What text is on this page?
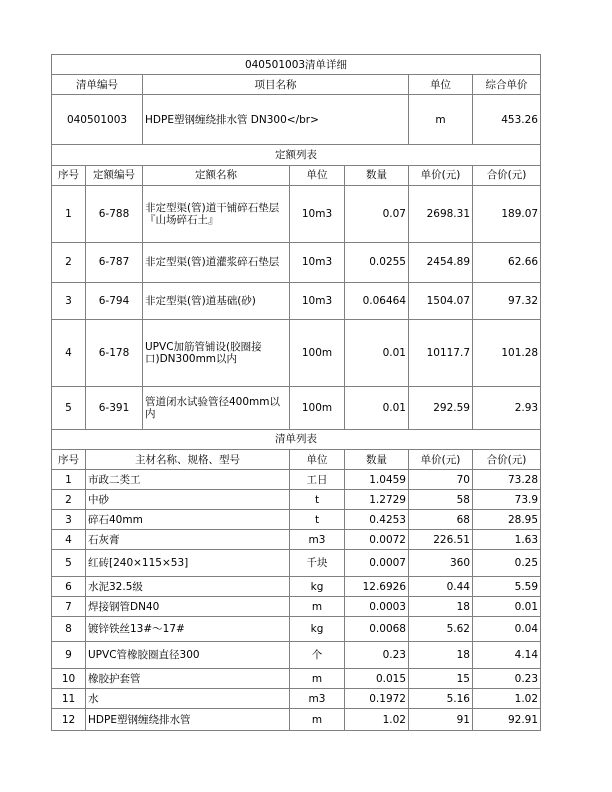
040501003清单详细			
清单编号	项目名称	单位	综合单价
040501003	HDPE塑钢缠绕排水管 DN300</br>	m	453.26
定额列表						
序号	定额编号	定额名称	单位	数量	单价(元)	合价(元)
1	6-788	非定型渠(管)道干铺碎石垫层『山场碎石土』	10m3	0.07	2698.31	189.07
2	6-787	非定型渠(管)道灌浆碎石垫层	10m3	0.0255	2454.89	62.66
3	6-794	非定型渠(管)道基础(砂)	10m3	0.06464	1504.07	97.32
4	6-178	UPVC加筋管铺设(胶圈接口)DN300mm以内	100m	0.01	10117.7	101.28
5	6-391	管道闭水试验管径400mm以内	100m	0.01	292.59	2.93
清单列表					
序号	主材名称、规格、型号	单位	数量	单价(元)	合价(元)
1	市政二类工	工日	1.0459	70	73.28
2	中砂	t	1.2729	58	73.9
3	碎石40mm	t	0.4253	68	28.95
4	石灰膏	m3	0.0072	226.51	1.63
5	红砖[240×115×53]	千块	0.0007	360	0.25
6	水泥32.5级	kg	12.6926	0.44	5.59
7	焊接钢管DN40	m	0.0003	18	0.01
8	镀锌铁丝13#～17#	kg	0.0068	5.62	0.04
9	UPVC管橡胶圈直径300	个	0.23	18	4.14
10	橡胶护套管	m	0.015	15	0.23
11	水	m3	0.1972	5.16	1.02
12	HDPE塑钢缠绕排水管	m	1.02	91	92.91
